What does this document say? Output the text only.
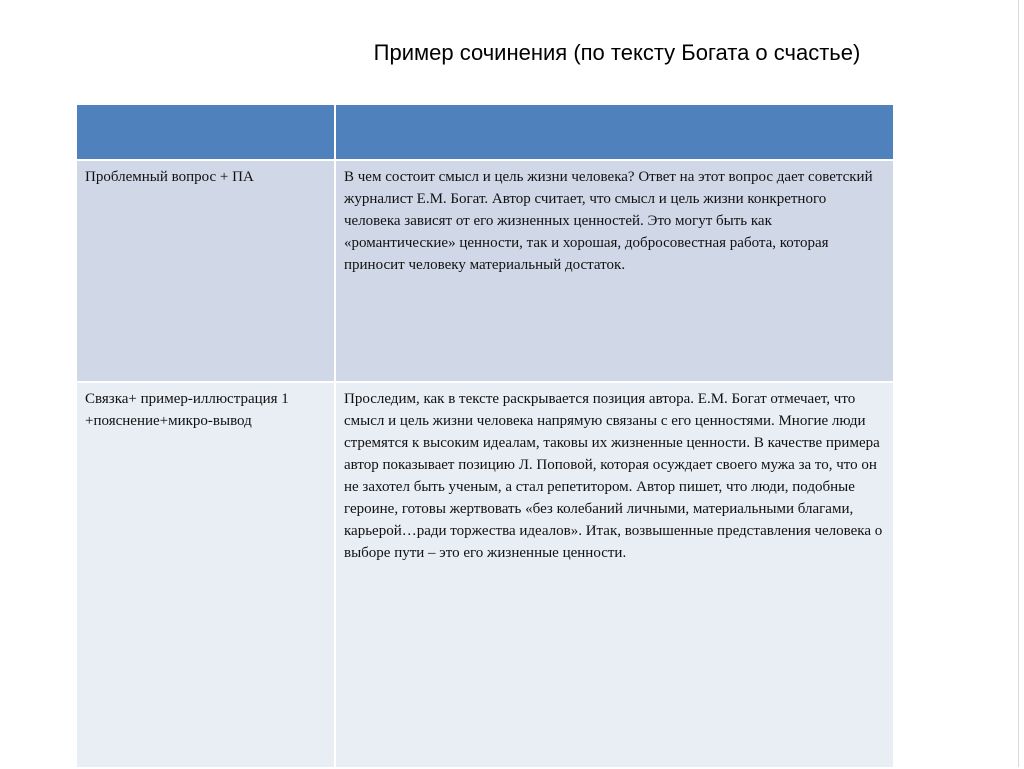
Пример сочинения (по тексту Богата о счастье)

Проблемный вопрос + ПА	В чем состоит смысл и цель жизни человека? Ответ на этот вопрос дает советский журналист Е.М. Богат. Автор считает, что смысл и цель жизни конкретного человека зависят от его жизненных ценностей. Это могут быть как «романтические» ценности, так и хорошая, добросовестная работа, которая приносит человеку материальный достаток.

Связка+ пример-иллюстрация 1 +пояснение+микро-вывод	Проследим, как в тексте раскрывается позиция автора. Е.М. Богат отмечает, что смысл и цель жизни человека напрямую связаны с его ценностями. Многие люди стремятся к высоким идеалам, таковы их жизненные ценности. В качестве примера автор показывает позицию Л. Поповой, которая осуждает своего мужа за то, что он не захотел быть ученым, а стал репетитором. Автор пишет, что люди, подобные героине, готовы жертвовать «без колебаний личными, материальными благами, карьерой…ради торжества идеалов». Итак, возвышенные представления человека о выборе пути – это его жизненные ценности.
